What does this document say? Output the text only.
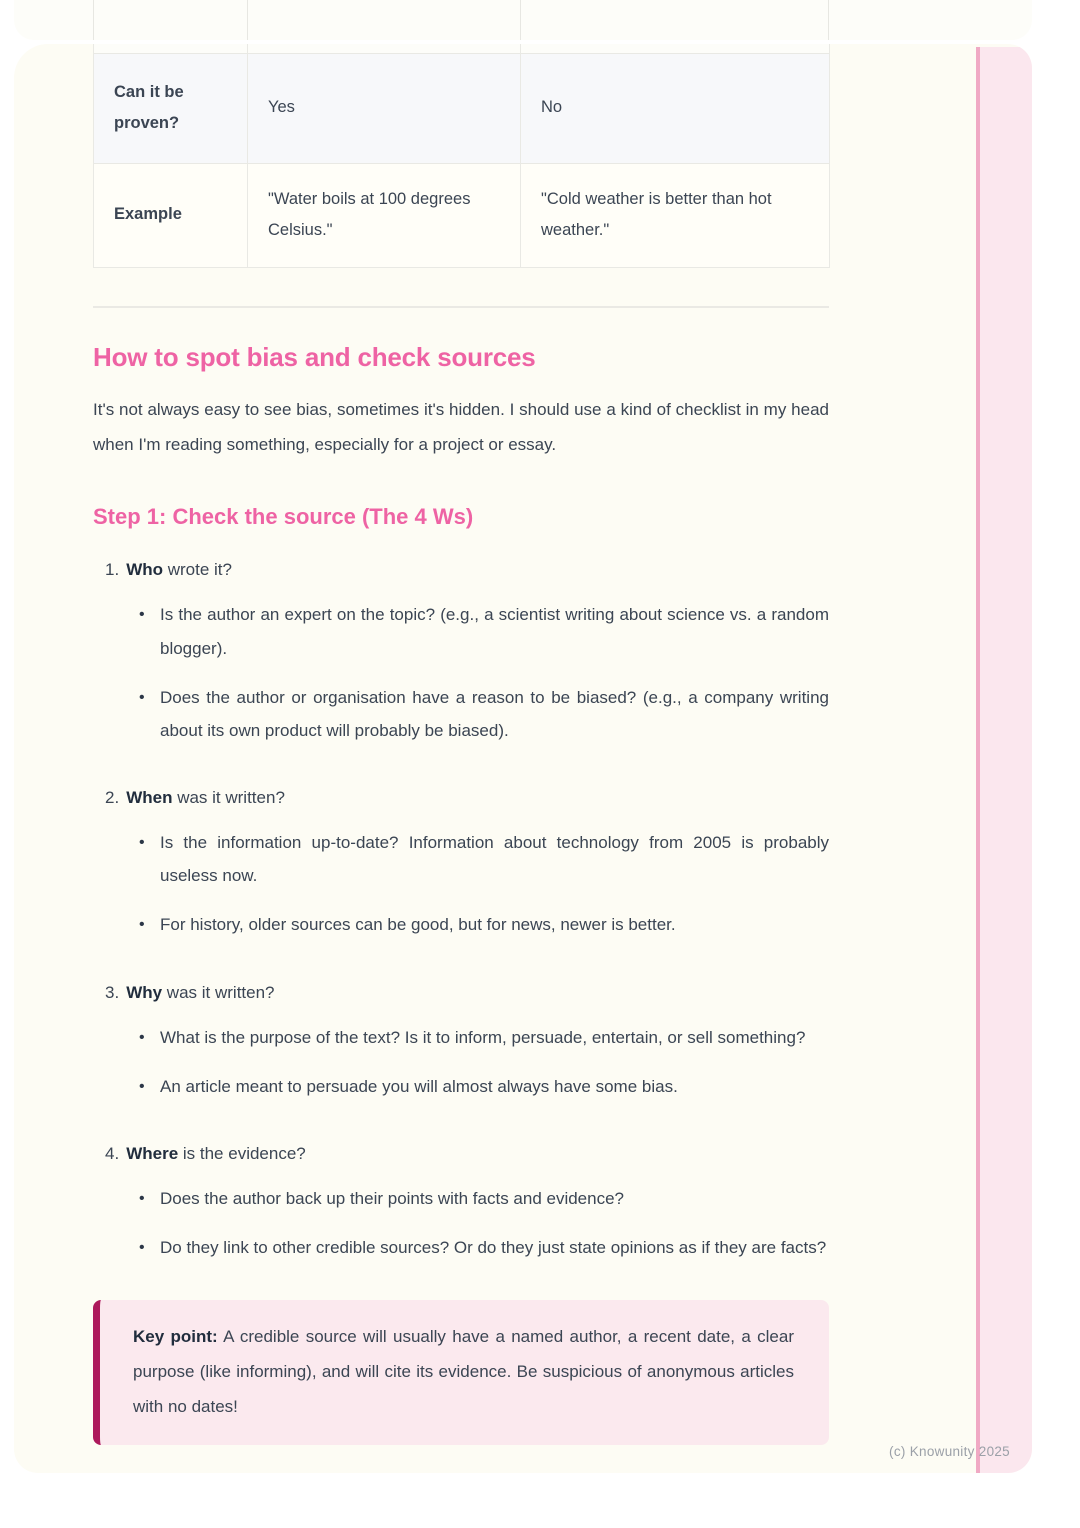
Can it be proven?	Yes	No
Example	"Water boils at 100 degrees Celsius."	"Cold weather is better than hot weather."
How to spot bias and check sources

It's not always easy to see bias, sometimes it's hidden. I should use a kind of checklist in my head when I'm reading something, especially for a project or essay.

Step 1: Check the source (The 4 Ws)
1. Who wrote it?
• Is the author an expert on the topic? (e.g., a scientist writing about science vs. a random blogger).
• Does the author or organisation have a reason to be biased? (e.g., a company writing about its own product will probably be biased).
2. When was it written?
• Is the information up-to-date? Information about technology from 2005 is probably useless now.
• For history, older sources can be good, but for news, newer is better.
3. Why was it written?
• What is the purpose of the text? Is it to inform, persuade, entertain, or sell something?
• An article meant to persuade you will almost always have some bias.
4. Where is the evidence?
• Does the author back up their points with facts and evidence?
• Do they link to other credible sources? Or do they just state opinions as if they are facts?
Key point: A credible source will usually have a named author, a recent date, a clear purpose (like informing), and will cite its evidence. Be suspicious of anonymous articles with no dates!
(c) Knowunity 2025
